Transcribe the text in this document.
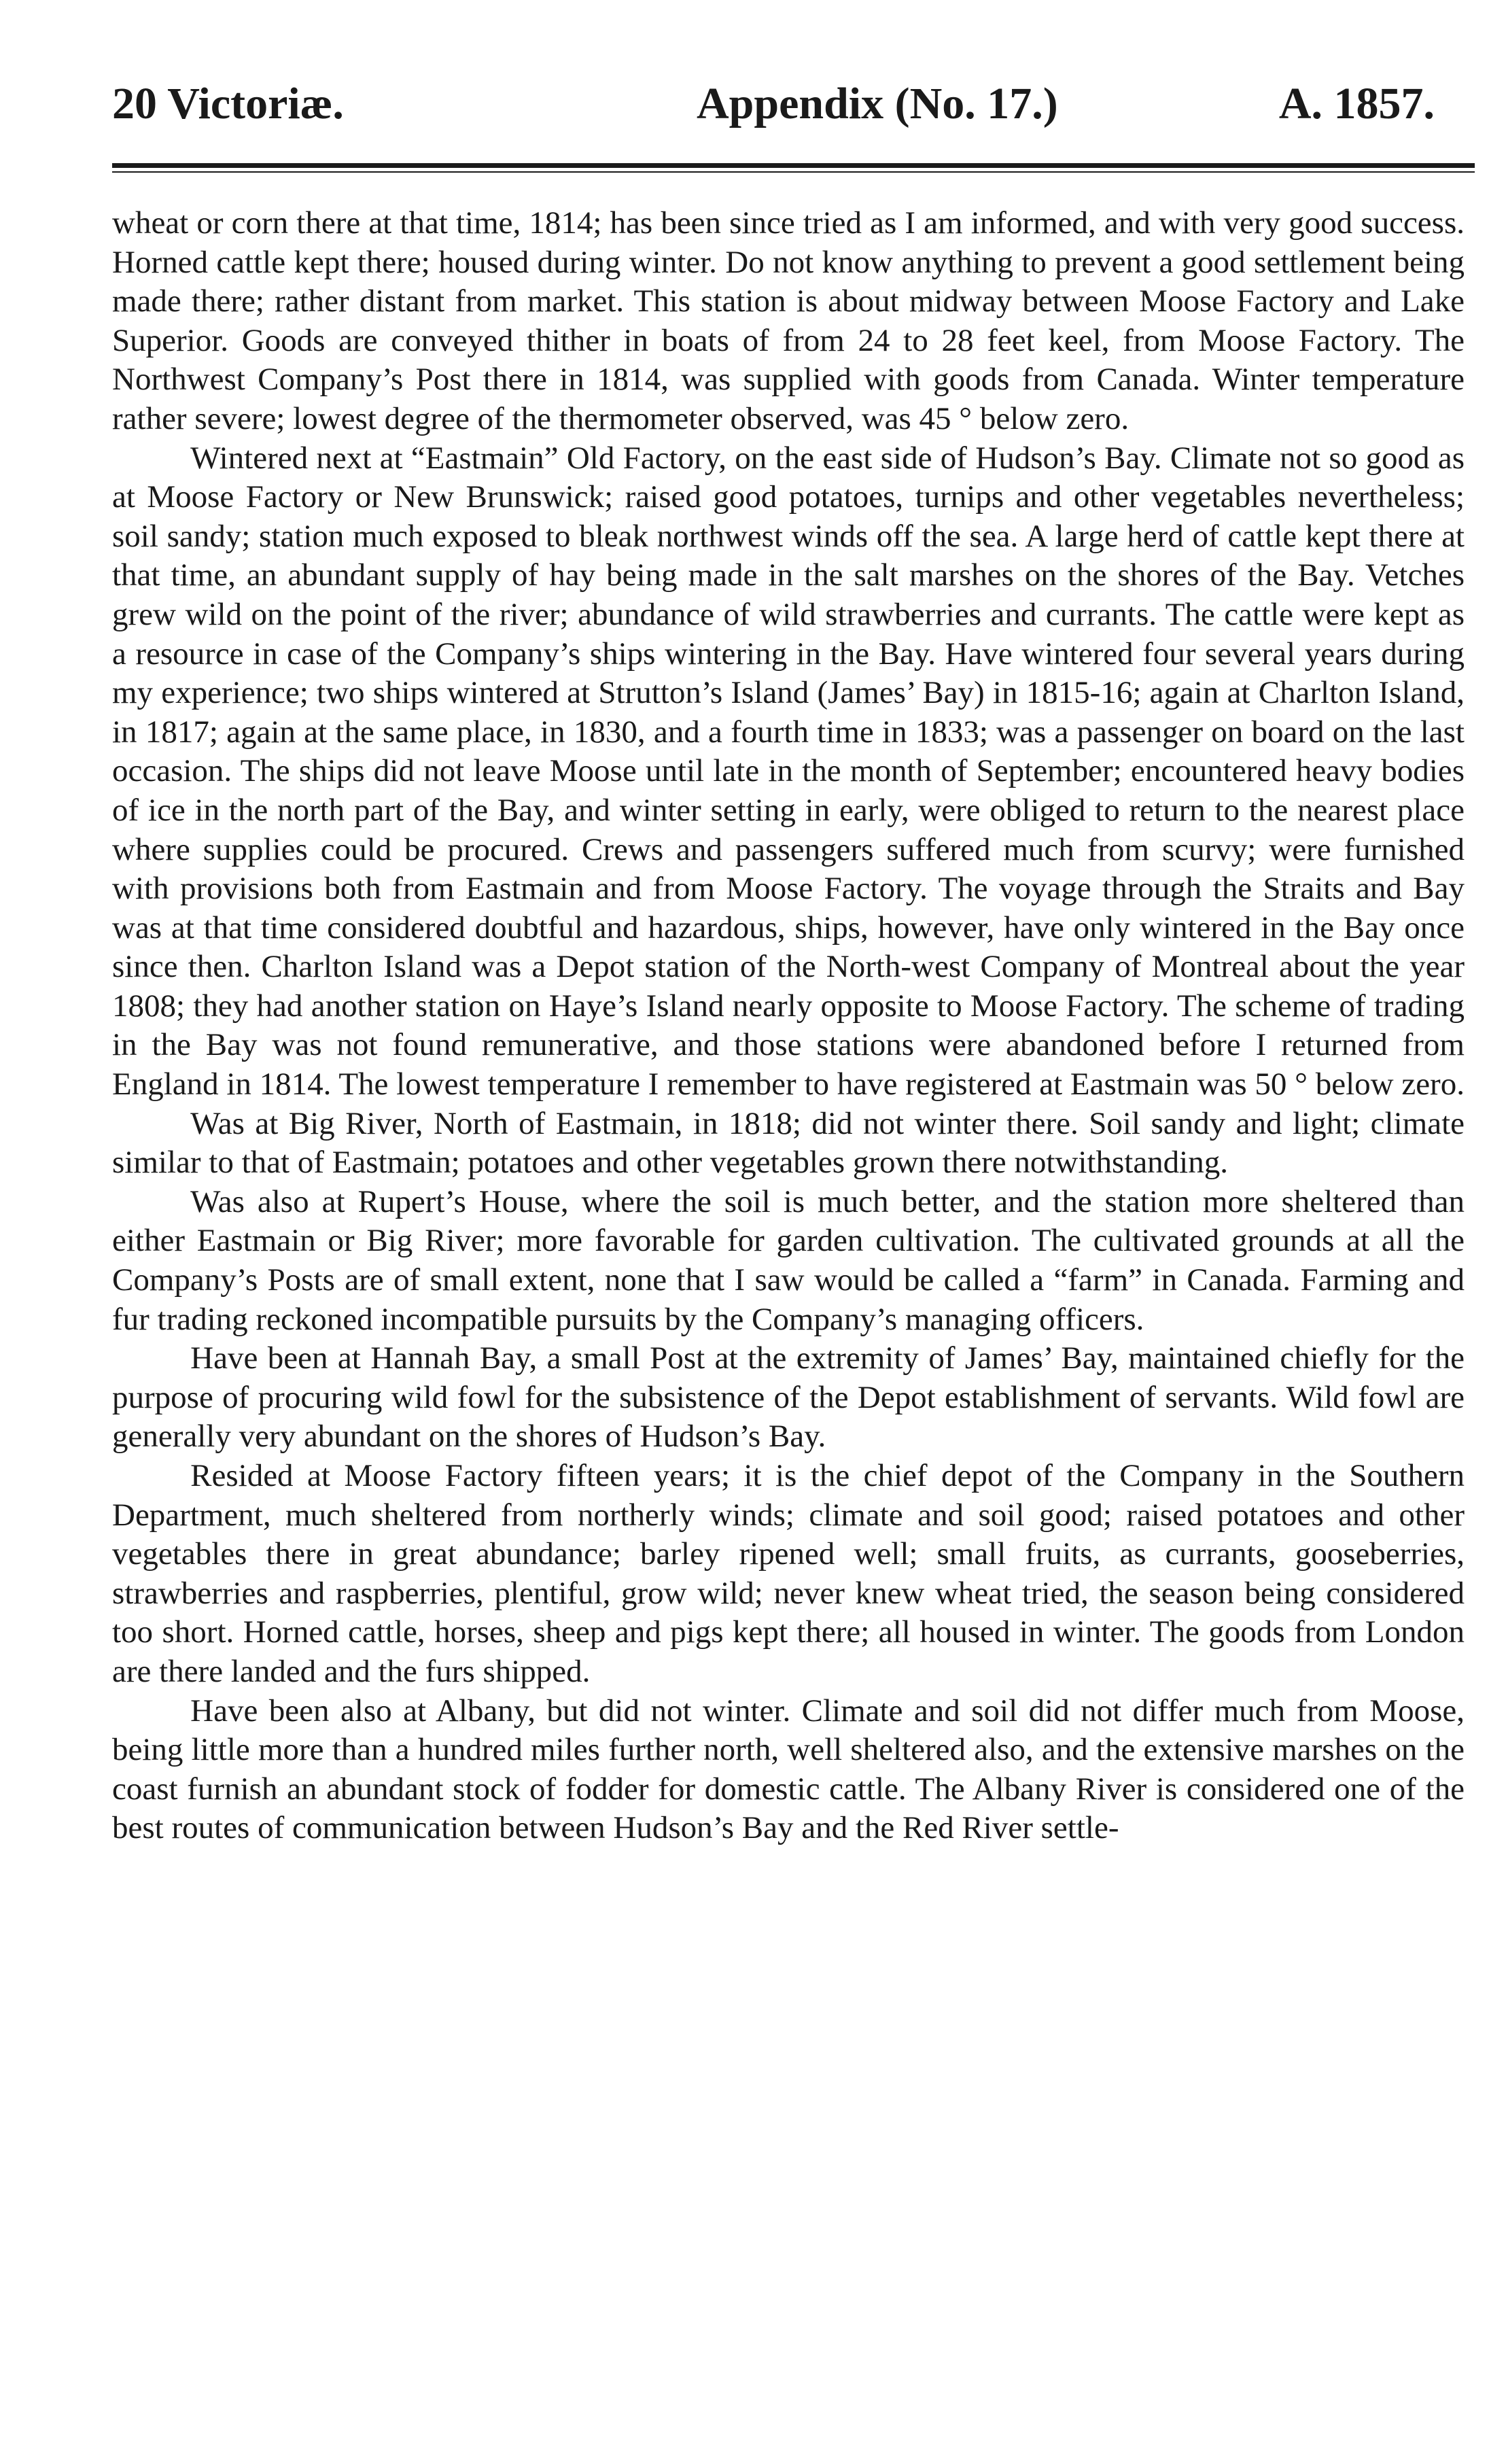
20 Victoriæ.	Appendix (No. 17.)	A. 1857.

wheat or corn there at that time, 1814; has been since tried as I am informed, and with very good success. Horned cattle kept there; housed during winter. Do not know anything to prevent a good settlement being made there; rather distant from market. This station is about midway between Moose Factory and Lake Superior. Goods are conveyed thither in boats of from 24 to 28 feet keel, from Moose Factory. The Northwest Company’s Post there in 1814, was supplied with goods from Canada. Winter temperature rather severe; lowest degree of the thermometer observed, was 45 ° below zero.

Wintered next at “Eastmain” Old Factory, on the east side of Hudson’s Bay. Climate not so good as at Moose Factory or New Brunswick; raised good potatoes, turnips and other vegetables nevertheless; soil sandy; station much exposed to bleak northwest winds off the sea. A large herd of cattle kept there at that time, an abundant supply of hay being made in the salt marshes on the shores of the Bay. Vetches grew wild on the point of the river; abundance of wild strawberries and currants. The cattle were kept as a resource in case of the Company’s ships wintering in the Bay. Have wintered four several years during my experience; two ships wintered at Strutton’s Island (James’ Bay) in 1815-16; again at Charlton Island, in 1817; again at the same place, in 1830, and a fourth time in 1833; was a passenger on board on the last occasion. The ships did not leave Moose until late in the month of September; encountered heavy bodies of ice in the north part of the Bay, and winter setting in early, were obliged to return to the nearest place where supplies could be procured. Crews and passengers suffered much from scurvy; were furnished with provisions both from Eastmain and from Moose Factory. The voyage through the Straits and Bay was at that time considered doubtful and hazardous, ships, however, have only wintered in the Bay once since then. Charlton Island was a Depot station of the North-west Company of Montreal about the year 1808; they had another station on Haye’s Island nearly opposite to Moose Factory. The scheme of trading in the Bay was not found remunerative, and those stations were abandoned before I returned from England in 1814. The lowest temperature I remember to have registered at Eastmain was 50 ° below zero.

Was at Big River, North of Eastmain, in 1818; did not winter there. Soil sandy and light; climate similar to that of Eastmain; potatoes and other vegetables grown there notwithstanding.

Was also at Rupert’s House, where the soil is much better, and the station more sheltered than either Eastmain or Big River; more favorable for garden cultivation. The cultivated grounds at all the Company’s Posts are of small extent, none that I saw would be called a “farm” in Canada. Farming and fur trading reckoned incompatible pursuits by the Company’s managing officers.

Have been at Hannah Bay, a small Post at the extremity of James’ Bay, maintained chiefly for the purpose of procuring wild fowl for the subsistence of the Depot establishment of servants. Wild fowl are generally very abundant on the shores of Hudson’s Bay.

Resided at Moose Factory fifteen years; it is the chief depot of the Company in the Southern Department, much sheltered from northerly winds; climate and soil good; raised potatoes and other vegetables there in great abundance; barley ripened well; small fruits, as currants, gooseberries, strawberries and raspberries, plentiful, grow wild; never knew wheat tried, the season being considered too short. Horned cattle, horses, sheep and pigs kept there; all housed in winter. The goods from London are there landed and the furs shipped.

Have been also at Albany, but did not winter. Climate and soil did not differ much from Moose, being little more than a hundred miles further north, well sheltered also, and the extensive marshes on the coast furnish an abundant stock of fodder for domestic cattle. The Albany River is considered one of the best routes of communication between Hudson’s Bay and the Red River settle-
